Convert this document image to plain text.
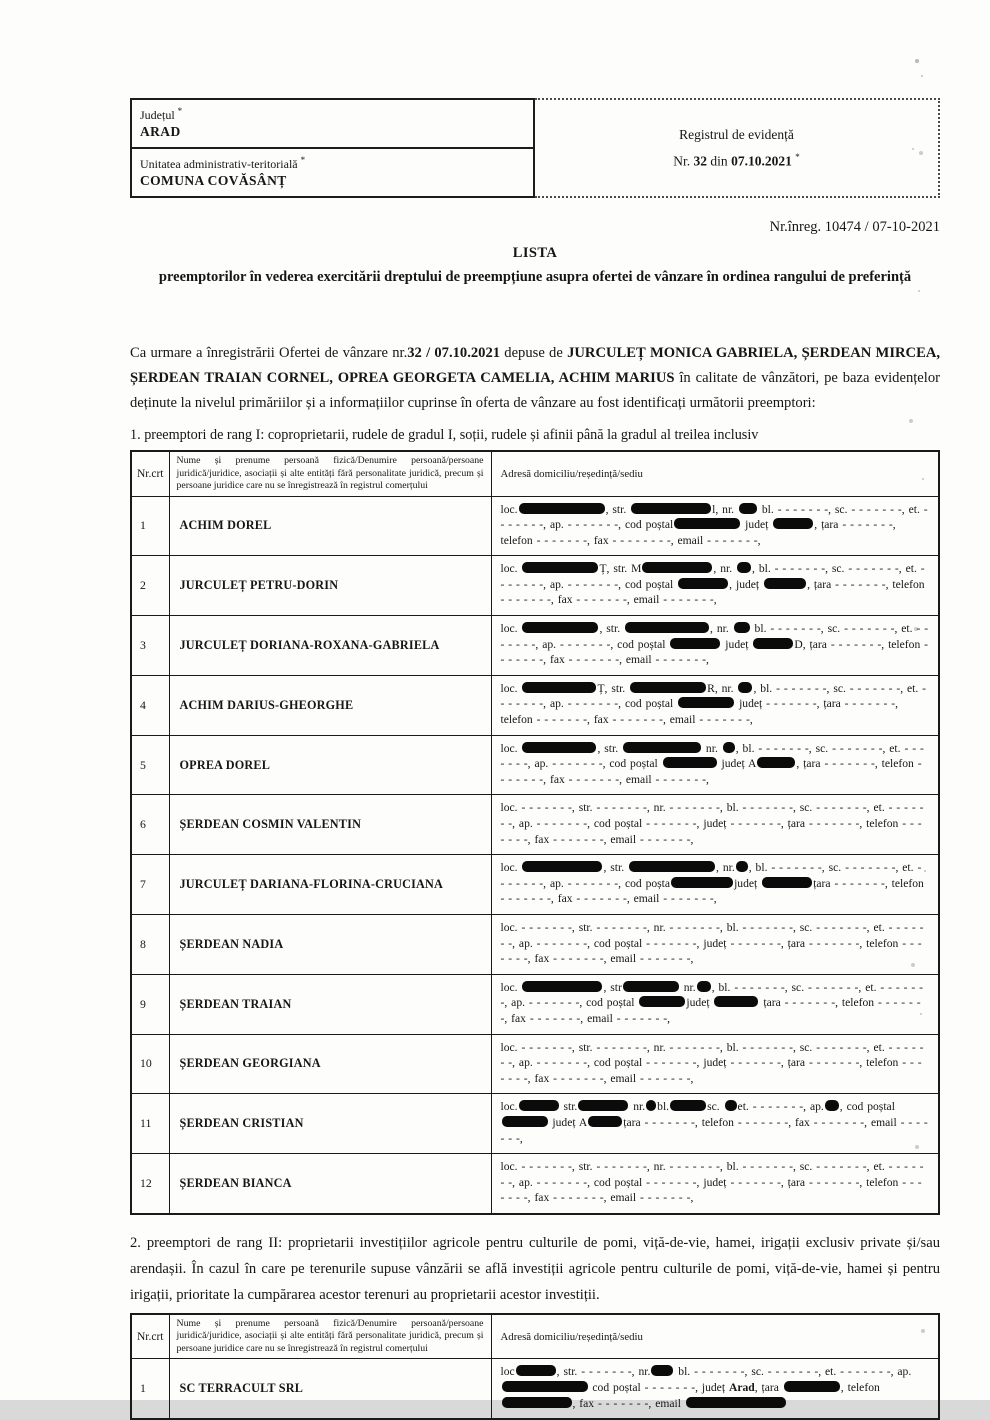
Județul *
ARAD
Unitatea administrativ-teritorială *
COMUNA COVĂSÂNȚ
Registrul de evidență
Nr. 32 din 07.10.2021 *
Nr.înreg. 10474 / 07-10-2021
LISTA
preemptorilor în vederea exercitării dreptului de preempțiune asupra ofertei de vânzare în ordinea rangului de preferință

Ca urmare a înregistrării Ofertei de vânzare nr.32 / 07.10.2021 depuse de JURCULEȚ MONICA GABRIELA, ȘERDEAN MIRCEA, ȘERDEAN TRAIAN CORNEL, OPREA GEORGETA CAMELIA, ACHIM MARIUS în calitate de vânzători, pe baza evidențelor deținute la nivelul primăriilor și a informațiilor cuprinse în oferta de vânzare au fost identificați următorii preemptori:

1. preemptori de rang I: coproprietarii, rudele de gradul I, soții, rudele și afinii până la gradul al treilea inclusiv
Nr.crt	Nume și prenume persoană fizică/Denumire persoană/persoane juridică/juridice, asociații și alte entități fără personalitate juridică, precum și persoane juridice care nu se înregistrează în registrul comerțului	Adresă domiciliu/reședință/sediu
1	ACHIM DOREL	loc. , str. l, nr.  bl. - - - - - - -, sc. - - - - - - -, et. - - - - - - -, ap. - - - - - - -, cod poștal județ , țara - - - - - - -, telefon - - - - - - -, fax - - - - - - - -, email - - - - - - -,
2	JURCULEȚ PETRU-DORIN	loc. Ț, str. M , nr. , bl. - - - - - - -, sc. - - - - - - -, et. - - - - - - -, ap. - - - - - - -, cod poștal , județ , țara - - - - - - -, telefon - - - - - - -, fax - - - - - - -, email - - - - - - -,
3	JURCULEȚ DORIANA-ROXANA-GABRIELA	loc. , str. , nr.  bl. - - - - - - -, sc. - - - - - - -, et. - - - - - - -, ap. - - - - - - -, cod poștal județ D, țara - - - - - - -, telefon - - - - - - -, fax - - - - - - -, email - - - - - - -,
4	ACHIM DARIUS-GHEORGHE	loc. Ț, str. R, nr. , bl. - - - - - - -, sc. - - - - - - -, et. - - - - - - -, ap. - - - - - - -, cod poștal județ - - - - - - -, țara - - - - - - -, telefon - - - - - - -, fax - - - - - - -, email - - - - - - -,
5	OPREA DOREL	loc. , str. nr. , bl. - - - - - - -, sc. - - - - - - -, et. - - - - - - -, ap. - - - - - - -, cod poștal județ A , țara - - - - - - -, telefon - - - - - - -, fax - - - - - - -, email - - - - - - -,
6	ȘERDEAN COSMIN VALENTIN	loc. - - - - - - -, str. - - - - - - -, nr. - - - - - - -, bl. - - - - - - -, sc. - - - - - - -, et. - - - - - - -, ap. - - - - - - -, cod poștal - - - - - - -, județ - - - - - - -, țara - - - - - - -, telefon - - - - - - -, fax - - - - - - -, email - - - - - - -,
7	JURCULEȚ DARIANA-FLORINA-CRUCIANA	loc. , str. , nr. , bl. - - - - - - -, sc. - - - - - - -, et. - - - - - - -, ap. - - - - - - -, cod poșta județ țara - - - - - - -, telefon - - - - - - -, fax - - - - - - -, email - - - - - - -,
8	ȘERDEAN NADIA	loc. - - - - - - -, str. - - - - - - -, nr. - - - - - - -, bl. - - - - - - -, sc. - - - - - - -, et. - - - - - - -, ap. - - - - - - -, cod poștal - - - - - - -, județ - - - - - - -, țara - - - - - - -, telefon - - - - - - -, fax - - - - - - -, email - - - - - - -,
9	ȘERDEAN TRAIAN	loc. , str nr. , bl. - - - - - - -, sc. - - - - - - -, et. - - - - - - -, ap. - - - - - - -, cod poștal județ țara - - - - - - -, telefon - - - - - - -, fax - - - - - - -, email - - - - - - -,
10	ȘERDEAN GEORGIANA	loc. - - - - - - -, str. - - - - - - -, nr. - - - - - - -, bl. - - - - - - -, sc. - - - - - - -, et. - - - - - - -, ap. - - - - - - -, cod poștal - - - - - - -, județ - - - - - - -, țara - - - - - - -, telefon - - - - - - -, fax - - - - - - -, email - - - - - - -,
11	ȘERDEAN CRISTIAN	loc. str. nr. bl. sc. et. - - - - - - -, ap. , cod poștal  județ A țara - - - - - - -, telefon - - - - - - -, fax - - - - - - -, email - - - - - - -,
12	ȘERDEAN BIANCA	loc. - - - - - - -, str. - - - - - - -, nr. - - - - - - -, bl. - - - - - - -, sc. - - - - - - -, et. - - - - - - -, ap. - - - - - - -, cod poștal - - - - - - -, județ - - - - - - -, țara - - - - - - -, telefon - - - - - - -, fax - - - - - - -, email - - - - - - -,

2. preemptori de rang II: proprietarii investițiilor agricole pentru culturile de pomi, viță-de-vie, hamei, irigații exclusiv private și/sau arendașii. În cazul în care pe terenurile supuse vânzării se află investiții agricole pentru culturile de pomi, viță-de-vie, hamei și pentru irigații, prioritate la cumpărarea acestor terenuri au proprietarii acestor investiții.

Nr.crt	Nume și prenume persoană fizică/Denumire persoană/persoane juridică/juridice, asociații și alte entități fără personalitate juridică, precum și persoane juridice care nu se înregistrează în registrul comerțului	Adresă domiciliu/reședință/sediu
1	SC TERRACULT SRL	loc , str. - - - - - - -, nr. bl. - - - - - - -, sc. - - - - - - -, et. - - - - - - -, ap.  cod poștal - - - - - - -, județ Arad, țara , telefon , fax - - - - - - -, email
